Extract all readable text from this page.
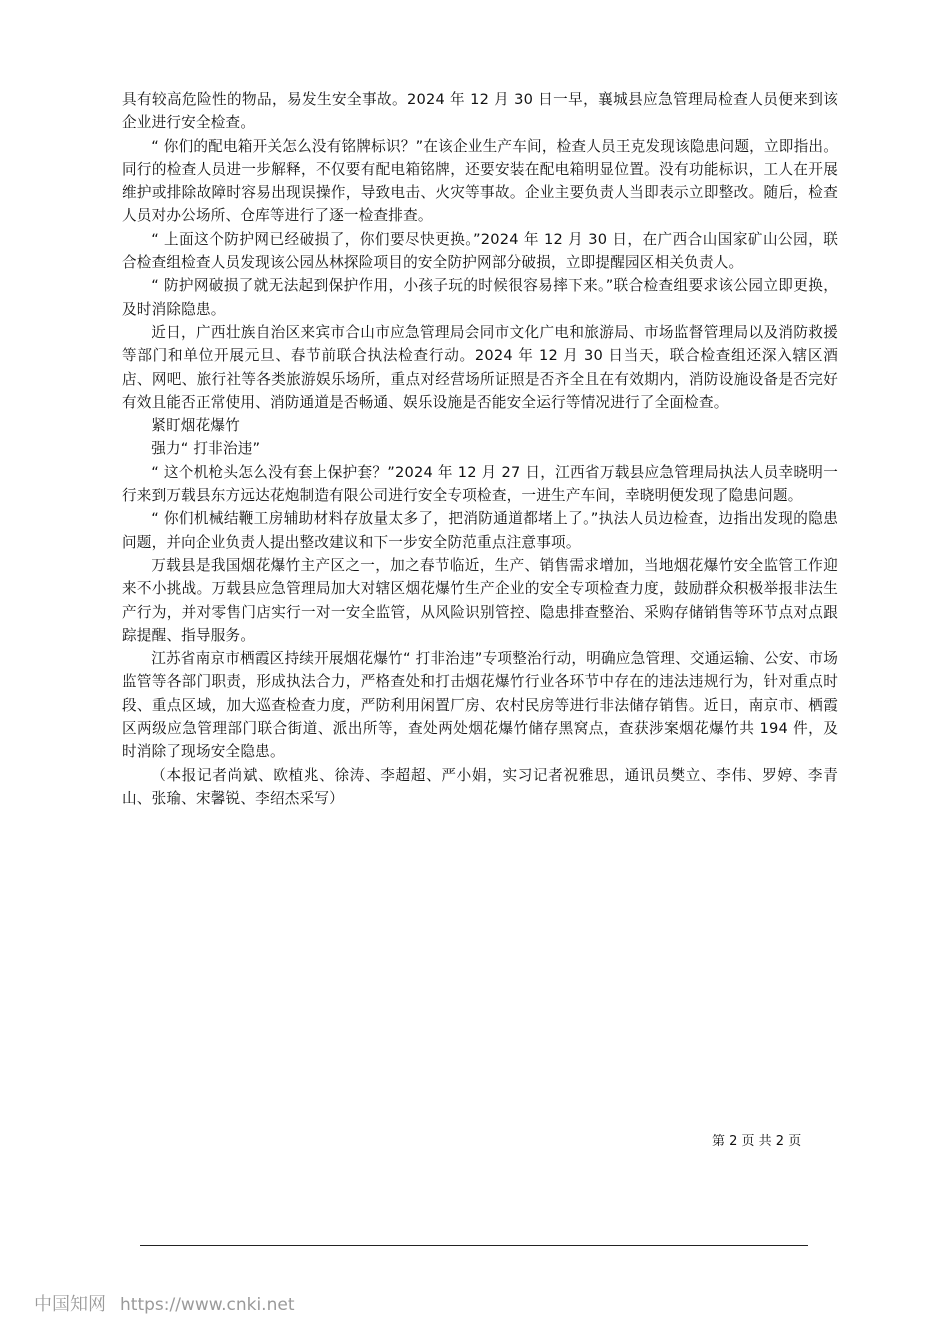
具有较高危险性的物品，易发生安全事故。2024 年 12 月 30 日一早，襄城县应急管理局检查人员便来到该企业进行安全检查。

“ 你们的配电箱开关怎么没有铭牌标识？”在该企业生产车间，检查人员王克发现该隐患问题，立即指出。同行的检查人员进一步解释，不仅要有配电箱铭牌，还要安装在配电箱明显位置。没有功能标识，工人在开展维护或排除故障时容易出现误操作，导致电击、火灾等事故。企业主要负责人当即表示立即整改。随后，检查人员对办公场所、仓库等进行了逐一检查排查。

“ 上面这个防护网已经破损了，你们要尽快更换。”2024 年 12 月 30 日，在广西合山国家矿山公园，联合检查组检查人员发现该公园丛林探险项目的安全防护网部分破损，立即提醒园区相关负责人。

“ 防护网破损了就无法起到保护作用，小孩子玩的时候很容易摔下来。”联合检查组要求该公园立即更换，及时消除隐患。

近日，广西壮族自治区来宾市合山市应急管理局会同市文化广电和旅游局、市场监督管理局以及消防救援等部门和单位开展元旦、春节前联合执法检查行动。2024 年 12 月 30 日当天，联合检查组还深入辖区酒店、网吧、旅行社等各类旅游娱乐场所，重点对经营场所证照是否齐全且在有效期内，消防设施设备是否完好有效且能否正常使用、消防通道是否畅通、娱乐设施是否能安全运行等情况进行了全面检查。

紧盯烟花爆竹

强力“ 打非治违”

“ 这个机枪头怎么没有套上保护套？”2024 年 12 月 27 日，江西省万载县应急管理局执法人员幸晓明一行来到万载县东方远达花炮制造有限公司进行安全专项检查，一进生产车间，幸晓明便发现了隐患问题。

“ 你们机械结鞭工房辅助材料存放量太多了，把消防通道都堵上了。”执法人员边检查，边指出发现的隐患问题，并向企业负责人提出整改建议和下一步安全防范重点注意事项。

万载县是我国烟花爆竹主产区之一，加之春节临近，生产、销售需求增加，当地烟花爆竹安全监管工作迎来不小挑战。万载县应急管理局加大对辖区烟花爆竹生产企业的安全专项检查力度，鼓励群众积极举报非法生产行为，并对零售门店实行一对一安全监管，从风险识别管控、隐患排查整治、采购存储销售等环节点对点跟踪提醒、指导服务。

江苏省南京市栖霞区持续开展烟花爆竹“ 打非治违”专项整治行动，明确应急管理、交通运输、公安、市场监管等各部门职责，形成执法合力，严格查处和打击烟花爆竹行业各环节中存在的违法违规行为，针对重点时段、重点区域，加大巡查检查力度，严防利用闲置厂房、农村民房等进行非法储存销售。近日，南京市、栖霞区两级应急管理部门联合街道、派出所等，查处两处烟花爆竹储存黑窝点，查获涉案烟花爆竹共 194 件，及时消除了现场安全隐患。

（本报记者尚斌、欧植兆、徐涛、李超超、严小娟，实习记者祝雅思，通讯员樊立、李伟、罗婷、李青山、张瑜、宋馨锐、李绍杰采写）

第 2 页 共 2 页
中国知网 https://www.cnki.net
